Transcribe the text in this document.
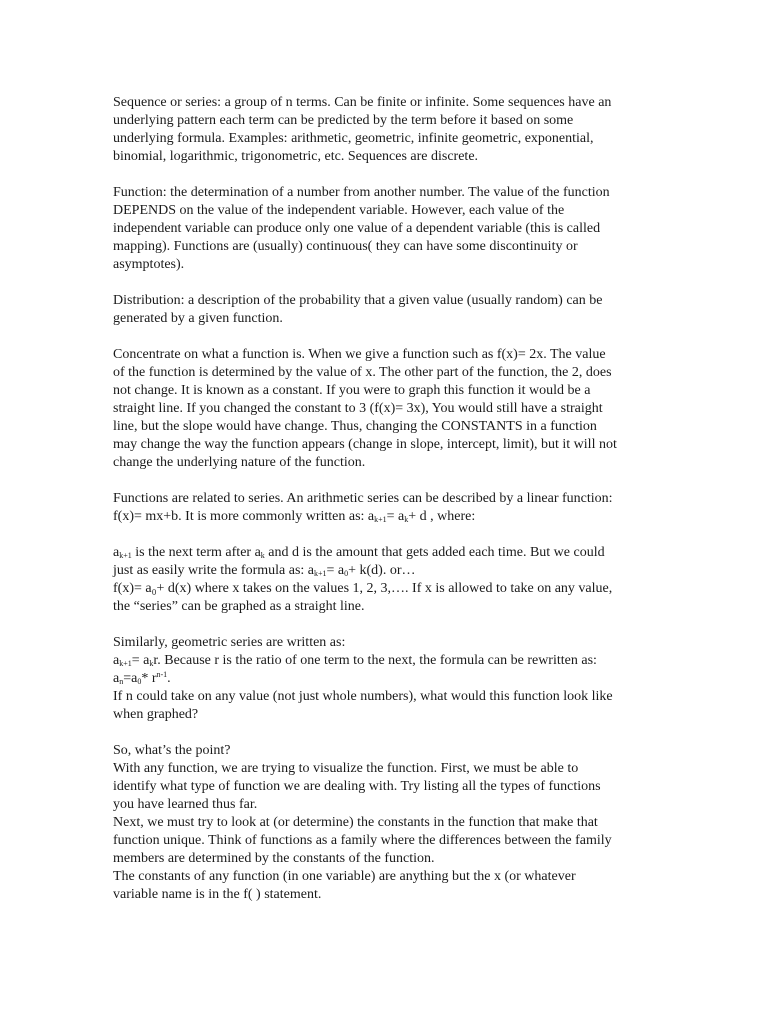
Sequence or series: a group of n terms. Can be finite or infinite. Some sequences have an
underlying pattern each term can be predicted by the term before it based on some
underlying formula. Examples: arithmetic, geometric, infinite geometric, exponential,
binomial, logarithmic, trigonometric, etc. Sequences are discrete.
Function: the determination of a number from another number. The value of the function
DEPENDS on the value of the independent variable. However, each value of the
independent variable can produce only one value of a dependent variable (this is called
mapping). Functions are (usually) continuous( they can have some discontinuity or
asymptotes).
Distribution: a description of the probability that a given value (usually random) can be
generated by a given function.
Concentrate on what a function is. When we give a function such as f(x)= 2x. The value
of the function is determined by the value of x. The other part of the function, the 2, does
not change. It is known as a constant. If you were to graph this function it would be a
straight line. If you changed the constant to 3 (f(x)= 3x), You would still have a straight
line, but the slope would have change. Thus, changing the CONSTANTS in a function
may change the way the function appears (change in slope, intercept, limit), but it will not
change the underlying nature of the function.
Functions are related to series. An arithmetic series can be described by a linear function:
f(x)= mx+b. It is more commonly written as: $a_{k+1}= a_k+ d$ , where:
$a_{k+1}$ is the next term after $a_k$ and d is the amount that gets added each time. But we could
just as easily write the formula as: $a_{k+1}= a_0+ k(d)$. or…
f(x)= a₀+ d(x) where x takes on the values 1, 2, 3,…. If x is allowed to take on any value,
the “series” can be graphed as a straight line.
Similarly, geometric series are written as:
$a_{k+1}= a_kr$. Because r is the ratio of one term to the next, the formula can be rewritten as:
$a_n=a_0*$ $r^{n-1}$.
If n could take on any value (not just whole numbers), what would this function look like
when graphed?
So, what’s the point?
With any function, we are trying to visualize the function. First, we must be able to
identify what type of function we are dealing with. Try listing all the types of functions
you have learned thus far.
Next, we must try to look at (or determine) the constants in the function that make that
function unique. Think of functions as a family where the differences between the family
members are determined by the constants of the function.
The constants of any function (in one variable) are anything but the x (or whatever
variable name is in the f( ) statement.
